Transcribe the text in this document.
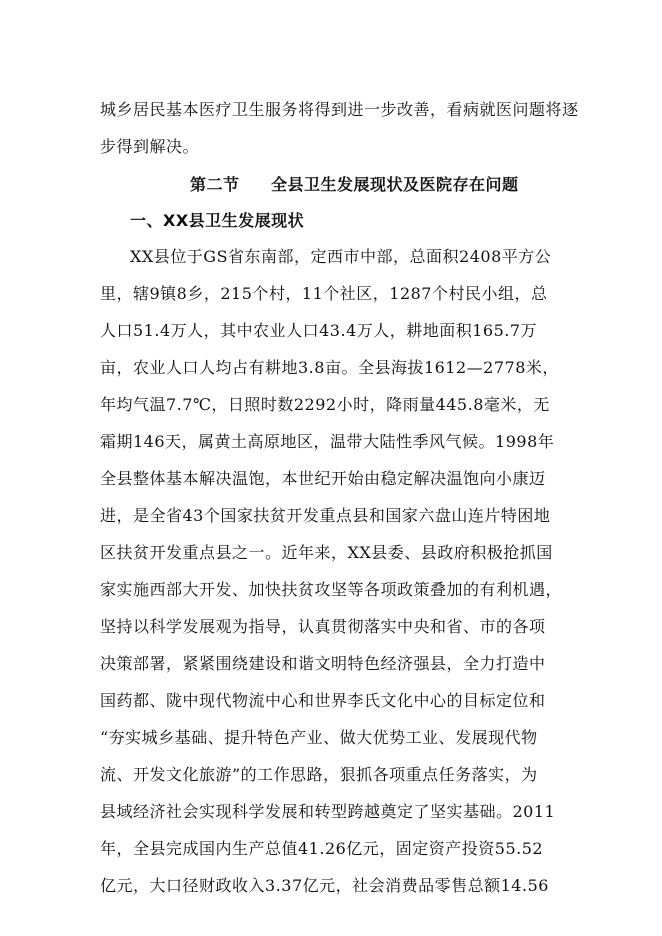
城乡居民基本医疗卫生服务将得到进一步改善，看病就医问题将逐
步得到解决。
第二节 全县卫生发展现状及医院存在问题
一、XX县卫生发展现状
XX县位于GS省东南部，定西市中部，总面积2408平方公
里，辖9镇8乡，215个村，11个社区，1287个村民小组，总
人口51.4万人，其中农业人口43.4万人，耕地面积165.7万
亩，农业人口人均占有耕地3.8亩。全县海拔1612—2778米，
年均气温7.7℃，日照时数2292小时，降雨量445.8毫米，无
霜期146天，属黄土高原地区，温带大陆性季风气候。1998年
全县整体基本解决温饱，本世纪开始由稳定解决温饱向小康迈
进，是全省43个国家扶贫开发重点县和国家六盘山连片特困地
区扶贫开发重点县之一。近年来，XX县委、县政府积极抢抓国
家实施西部大开发、加快扶贫攻坚等各项政策叠加的有利机遇，
坚持以科学发展观为指导，认真贯彻落实中央和省、市的各项
决策部署，紧紧围绕建设和谐文明特色经济强县，全力打造中
国药都、陇中现代物流中心和世界李氏文化中心的目标定位和
“夯实城乡基础、提升特色产业、做大优势工业、发展现代物
流、开发文化旅游”的工作思路，狠抓各项重点任务落实，为
县域经济社会实现科学发展和转型跨越奠定了坚实基础。2011
年，全县完成国内生产总值41.26亿元，固定资产投资55.52
亿元，大口径财政收入3.37亿元，社会消费品零售总额14.56
